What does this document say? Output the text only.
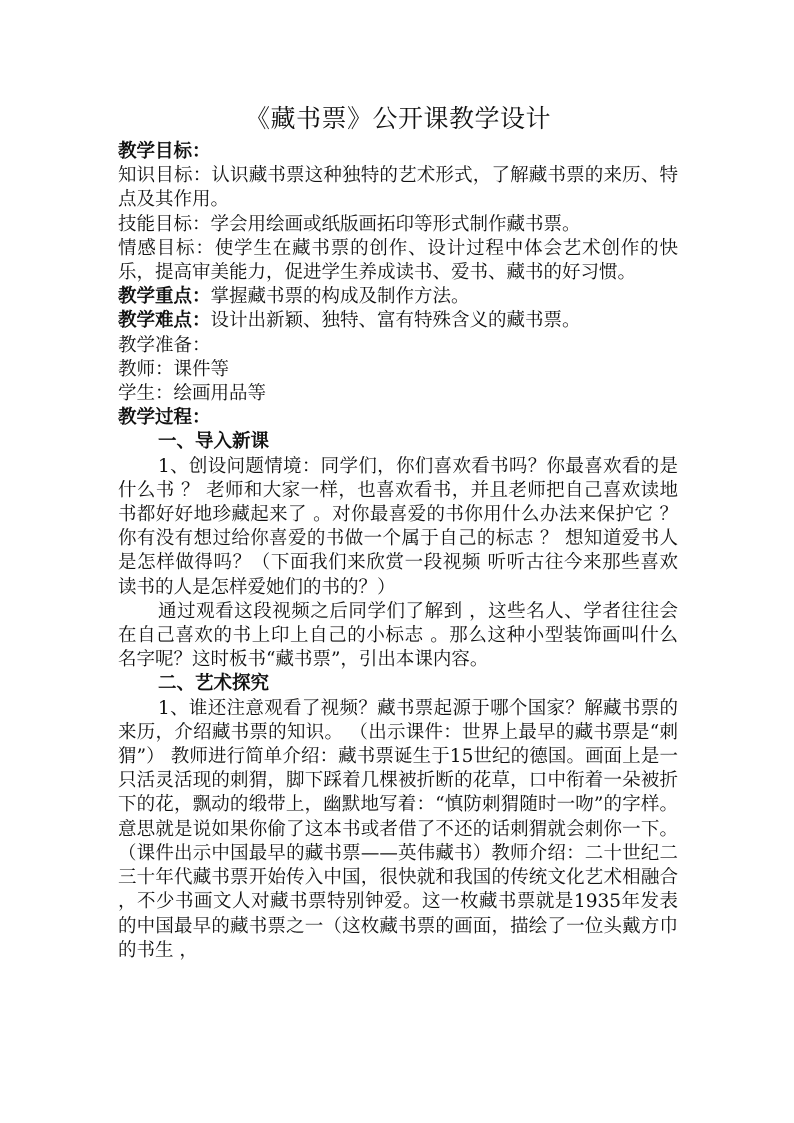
《藏书票》公开课教学设计

教学目标：

知识目标：认识藏书票这种独特的艺术形式，了解藏书票的来历、特点及其作用。

技能目标：学会用绘画或纸版画拓印等形式制作藏书票。

情感目标：使学生在藏书票的创作、设计过程中体会艺术创作的快乐，提高审美能力，促进学生养成读书、爱书、藏书的好习惯。

教学重点：掌握藏书票的构成及制作方法。

教学难点：设计出新颖、独特、富有特殊含义的藏书票。

教学准备：

教师：课件等

学生：绘画用品等

教学过程：

一、导入新课

1、创设问题情境：同学们，你们喜欢看书吗？你最喜欢看的是什么书 ？ 老师和大家一样，也喜欢看书，并且老师把自己喜欢读地书都好好地珍藏起来了 。对你最喜爱的书你用什么办法来保护它 ？ 你有没有想过给你喜爱的书做一个属于自己的标志 ？ 想知道爱书人是怎样做得吗？（下面我们来欣赏一段视频 听听古往今来那些喜欢读书的人是怎样爱她们的书的？）

通过观看这段视频之后同学们了解到 ，这些名人、学者往往会在自己喜欢的书上印上自己的小标志 。那么这种小型装饰画叫什么名字呢？这时板书“藏书票”，引出本课内容。

二、艺术探究

1、谁还注意观看了视频？藏书票起源于哪个国家？解藏书票的来历，介绍藏书票的知识。 （出示课件：世界上最早的藏书票是“刺猬”） 教师进行简单介绍：藏书票诞生于15世纪的德国。画面上是一只活灵活现的刺猬，脚下踩着几棵被折断的花草，口中衔着一朵被折下的花，飘动的缎带上，幽默地写着：“慎防刺猬随时一吻”的字样。意思就是说如果你偷了这本书或者借了不还的话刺猬就会刺你一下。 （课件出示中国最早的藏书票——英伟藏书）教师介绍：二十世纪二三十年代藏书票开始传入中国，很快就和我国的传统文化艺术相融合 ，不少书画文人对藏书票特别钟爱。这一枚藏书票就是1935年发表的中国最早的藏书票之一（这枚藏书票的画面，描绘了一位头戴方巾的书生 ，
